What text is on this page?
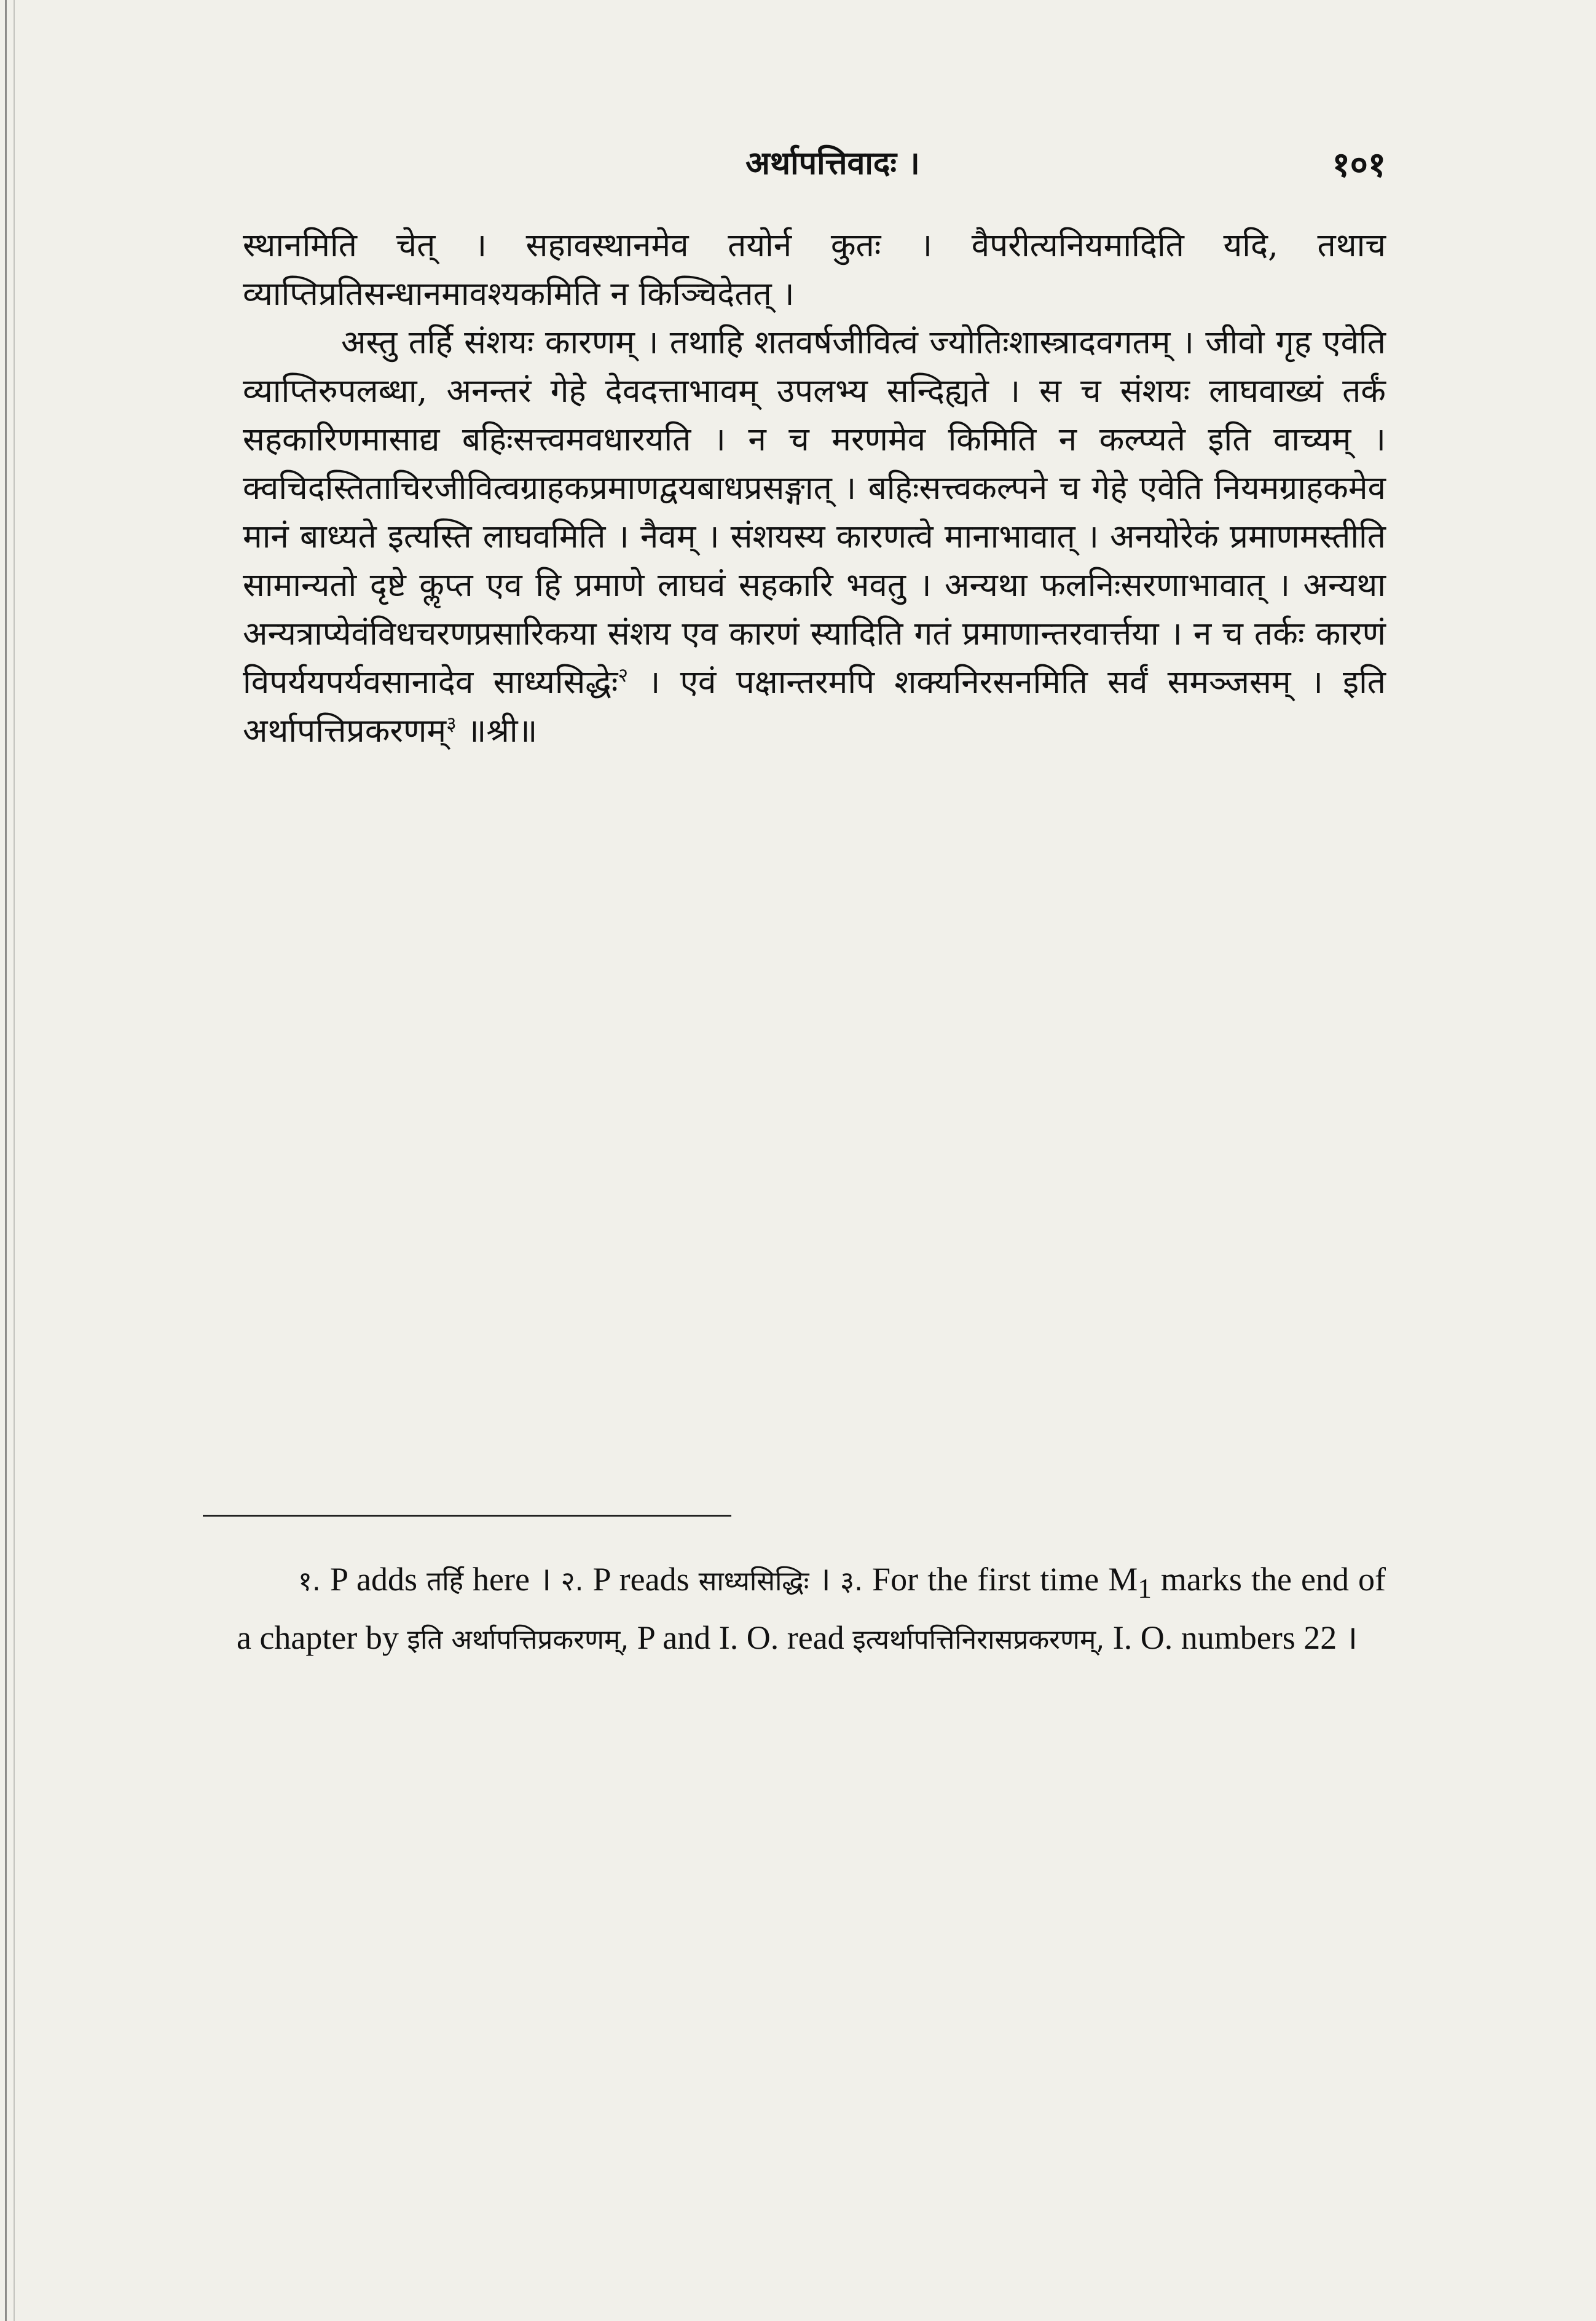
अर्थापत्तिवादः ।	१०१

स्थानमिति चेत् । सहावस्थानमेव तयोर्न कुतः । वैपरीत्यनियमादिति यदि, तथाच व्याप्तिप्रतिसन्धानमावश्यकमिति न किञ्चिदेतत् ।

अस्तु तर्हि संशयः कारणम् । तथाहि शतवर्षजीवित्वं ज्योतिःशास्त्रादवगतम् । जीवो गृह एवेति व्याप्तिरुपलब्धा, अनन्तरं गेहे देवदत्ताभावम् उपलभ्य सन्दिह्यते । स च संशयः लाघवाख्यं तर्कं सहकारिणमासाद्य बहिःसत्त्वमवधारयति । न च मरणमेव किमिति न कल्प्यते इति वाच्यम् । क्वचिदस्तिताचिरजीवित्वग्राहकप्रमाणद्वयबाधप्रसङ्गात् । बहिःसत्त्वकल्पने च गेहे एवेति नियमग्राहकमेव मानं बाध्यते इत्यस्ति लाघवमिति । नैवम् । संशयस्य कारणत्वे मानाभावात् । अनयोरेकं प्रमाणमस्तीति सामान्यतो दृष्टे कॢप्त एव हि प्रमाणे लाघवं सहकारि भवतु । अन्यथा फलनिःसरणाभावात् । अन्यथा अन्यत्राप्येवंविधचरणप्रसारिकया संशय एव कारणं स्यादिति गतं प्रमाणान्तरवार्त्तया । न च तर्कः कारणं विपर्ययपर्यवसानादेव साध्यसिद्धेः$^२$ । एवं पक्षान्तरमपि शक्यनिरसनमिति सर्वं समञ्जसम् । इति अर्थापत्तिप्रकरणम्$^३$ ॥श्री॥

१. P adds तर्हि here । २. P reads साध्यसिद्धिः । ३. For the first time $M_1$ marks the end of a chapter by इति अर्थापत्तिप्रकरणम्, P and I. O. read इत्यर्थापत्तिनिरासप्रकरणम्, I. O. numbers 22 ।
